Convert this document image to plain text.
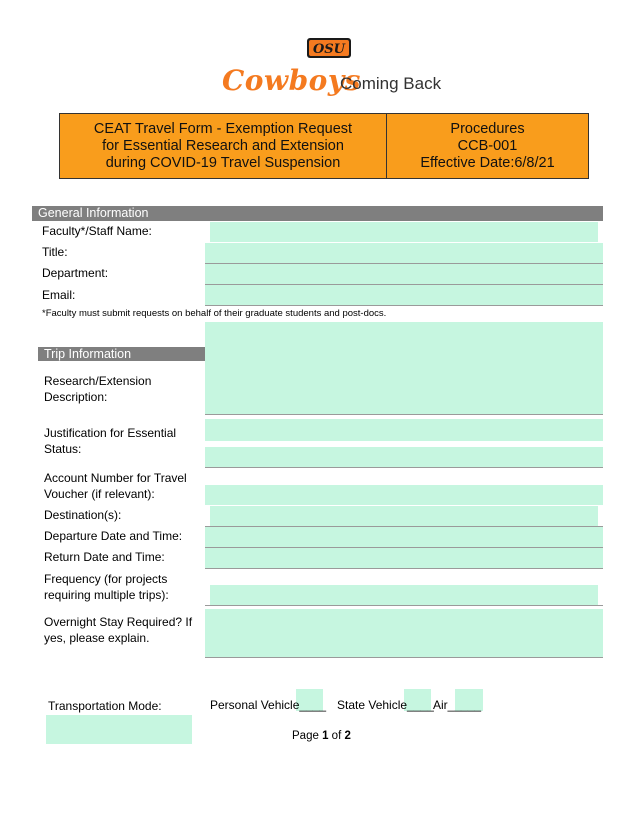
OSU
Cowboys
Coming Back
CEAT Travel Form - Exemption Request
for Essential Research and Extension
during COVID-19 Travel Suspension
Procedures
CCB-001
Effective Date:6/8/21
General Information
Faculty*/Staff Name:
Title:
Department:
Email:
*Faculty must submit requests on behalf of their graduate students and post-docs.
Trip Information
Research/Extension
Description:
Justification for Essential
Status:
Account Number for Travel
Voucher (if relevant):
Destination(s):
Departure Date and Time:
Return Date and Time:
Frequency (for projects
requiring multiple trips):
Overnight Stay Required? If
yes, please explain.
Transportation Mode:	Personal Vehicle____ State Vehicle____ Air_____
Page 1 of 2
